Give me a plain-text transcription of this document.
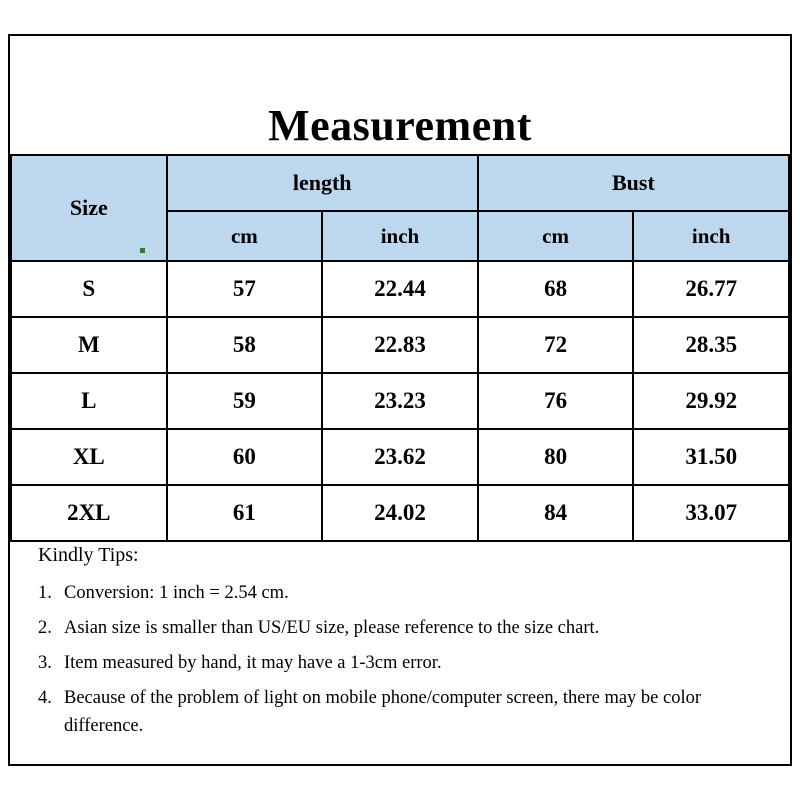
Measurement				
Size	length		Bust	
	cm	inch	cm	inch
S	57	22.44	68	26.77
M	58	22.83	72	28.35
L	59	23.23	76	29.92
XL	60	23.62	80	31.50
2XL	61	24.02	84	33.07
Kindly Tips:
Conversion: 1 inch = 2.54 cm.
Asian size is smaller than US/EU size, please reference to the size chart.
Item measured by hand, it may have a 1-3cm error.
Because of the problem of light on mobile phone/computer screen, there may be color difference.
